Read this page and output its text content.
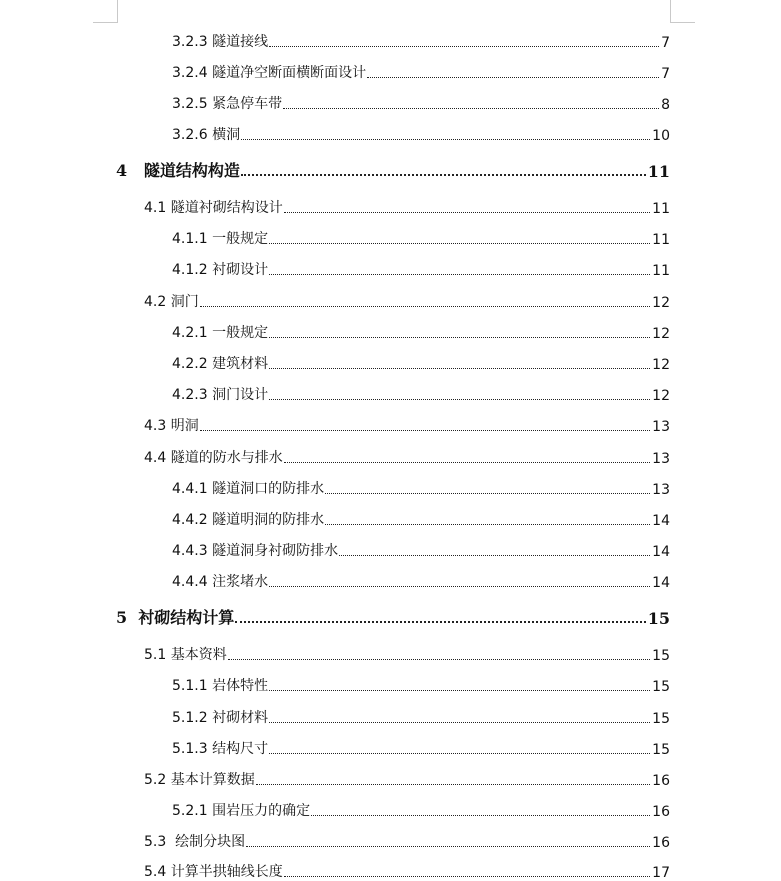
3.2.3 隧道接线	7
3.2.4 隧道净空断面横断面设计	7
3.2.5 紧急停车带	8
3.2.6 横洞	10
4   隧道结构构造	11
4.1 隧道衬砌结构设计	11
4.1.1 一般规定	11
4.1.2 衬砌设计	11
4.2 洞门	12
4.2.1 一般规定	12
4.2.2 建筑材料	12
4.2.3 洞门设计	12
4.3 明洞	13
4.4 隧道的防水与排水	13
4.4.1 隧道洞口的防排水	13
4.4.2 隧道明洞的防排水	14
4.4.3 隧道洞身衬砌防排水	14
4.4.4 注浆堵水	14
5  衬砌结构计算	15
5.1 基本资料	15
5.1.1 岩体特性	15
5.1.2 衬砌材料	15
5.1.3 结构尺寸	15
5.2 基本计算数据	16
5.2.1 围岩压力的确定	16
5.3  绘制分块图	16
5.4 计算半拱轴线长度	17
